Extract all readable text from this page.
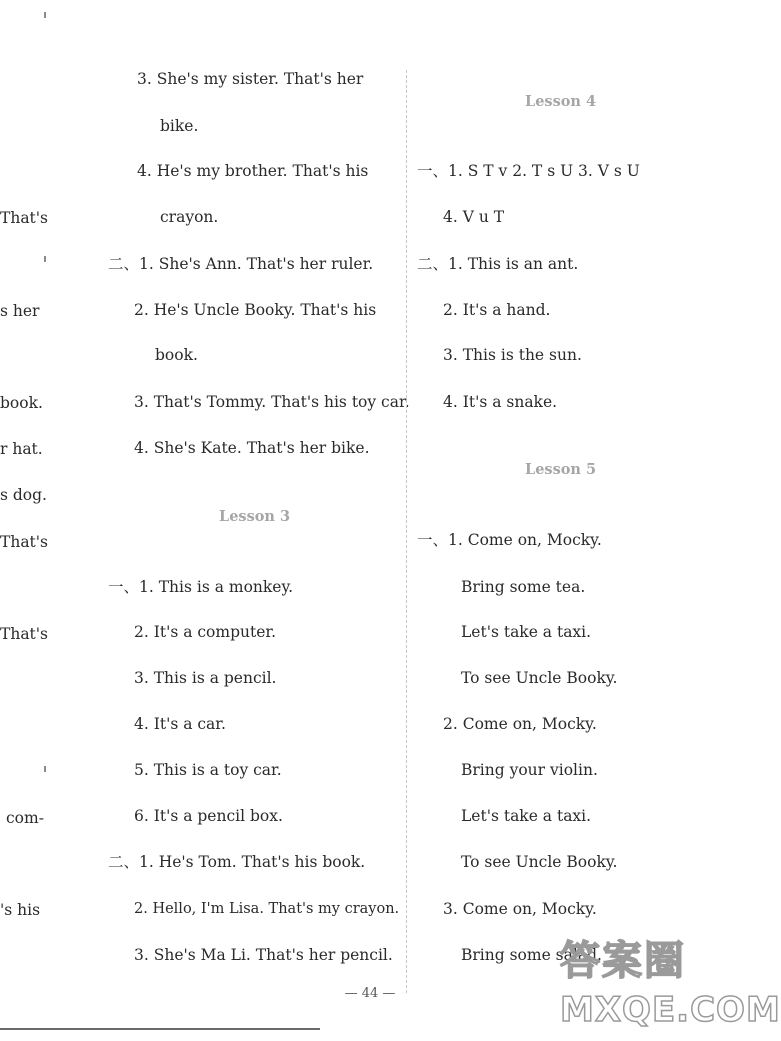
That's
s her
book.
r hat.
s dog.
That's
That's
com-
's his
3. She's my sister. That's her
bike.
4. He's my brother. That's his
crayon.
二、1. She's Ann. That's her ruler.
2. He's Uncle Booky. That's his
book.
3. That's Tommy. That's his toy car.
4. She's Kate. That's her bike.
Lesson 3
一、1. This is a monkey.
2. It's a computer.
3. This is a pencil.
4. It's a car.
5. This is a toy car.
6. It's a pencil box.
二、1. He's Tom. That's his book.
2. Hello, I'm Lisa. That's my crayon.
3. She's Ma Li. That's her pencil.
Lesson 4
一、1. S T v 2. T s U 3. V s U
4. V u T
二、1. This is an ant.
2. It's a hand.
3. This is the sun.
4. It's a snake.
Lesson 5
一、1. Come on, Mocky.
Bring some tea.
Let's take a taxi.
To see Uncle Booky.
2. Come on, Mocky.
Bring your violin.
Let's take a taxi.
To see Uncle Booky.
3. Come on, Mocky.
Bring some salad.
— 44 —
答案圈
MXQE.COM
